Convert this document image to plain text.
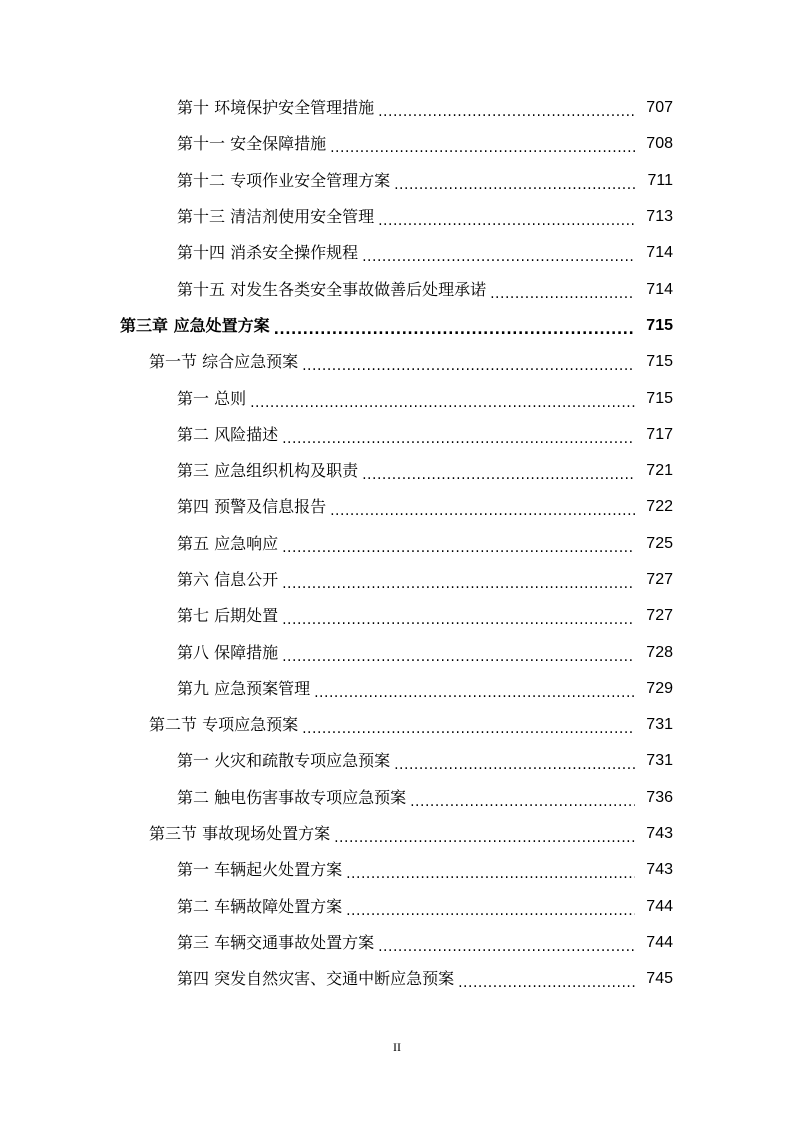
第十 环境保护安全管理措施 .....	707
第十一 安全保障措施 .....	708
第十二 专项作业安全管理方案 .....	711
第十三 清洁剂使用安全管理 .....	713
第十四 消杀安全操作规程 .....	714
第十五 对发生各类安全事故做善后处理承诺 .....	714
第三章 应急处置方案 .....	715
第一节 综合应急预案 .....	715
第一 总则 .....	715
第二 风险描述 .....	717
第三 应急组织机构及职责 .....	721
第四 预警及信息报告 .....	722
第五 应急响应 .....	725
第六 信息公开 .....	727
第七 后期处置 .....	727
第八 保障措施 .....	728
第九 应急预案管理 .....	729
第二节 专项应急预案 .....	731
第一 火灾和疏散专项应急预案 .....	731
第二 触电伤害事故专项应急预案 .....	736
第三节 事故现场处置方案 .....	743
第一 车辆起火处置方案 .....	743
第二 车辆故障处置方案 .....	744
第三 车辆交通事故处置方案 .....	744
第四 突发自然灾害、交通中断应急预案 .....	745
II
